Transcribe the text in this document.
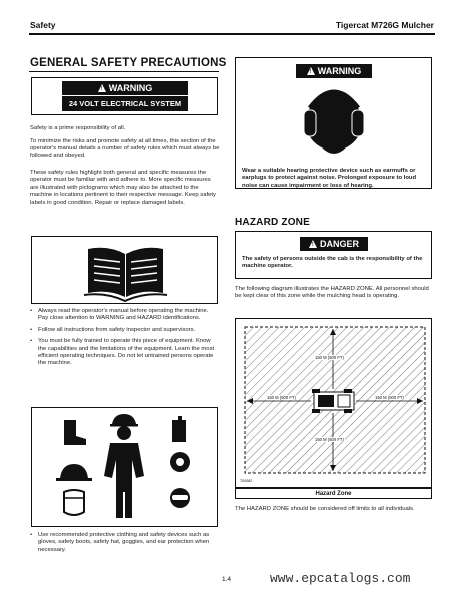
Safety	Tigercat M726G Mulcher
GENERAL SAFETY PRECAUTIONS
! WARNING
24 VOLT ELECTRICAL SYSTEM
Safety is a prime responsibility of all.
To minimize the risks and promote safety at all times, this section of the operator's manual details a number of safety rules which must always be followed and obeyed.
These safety rules highlight both general and specific measures the operator must be familiar with and adhere to. More specific measures are illustrated with pictograms which may also be attached to the machine in locations pertinent to their respective message. Keep safety labels in good condition. Repair or replace damaged labels.
• Always read the operator's manual before operating the machine. Pay close attention to WARNING and HAZARD identifications.
• Follow all instructions from safety inspector and supervisors.
• You must be fully trained to operate this piece of equipment. Know the capabilities and the limitations of the equipment. Learn the most efficient operating techniques. Do not let untrained persons operate the machine.
• Use recommended protective clothing and safety devices such as gloves, safety boots, safety hat, goggles, and ear protection when necessary.
! WARNING
Wear a suitable hearing protective device such as earmuffs or earplugs to protect against noise. Prolonged exposure to loud noise can cause impairment or loss of hearing.
HAZARD ZONE
! DANGER
The safety of persons outside the cab is the responsibility of the machine operator.
The following diagram illustrates the HAZARD ZONE. All personnel should be kept clear of this zone while the mulching head is operating.
150 M (500 FT)
150 M (500 FT)	150 M (500 FT)
150 M (500 FT)
T00082
Hazard Zone
The HAZARD ZONE should be considered off limits to all individuals.
1.4	www.epcatalogs.com
